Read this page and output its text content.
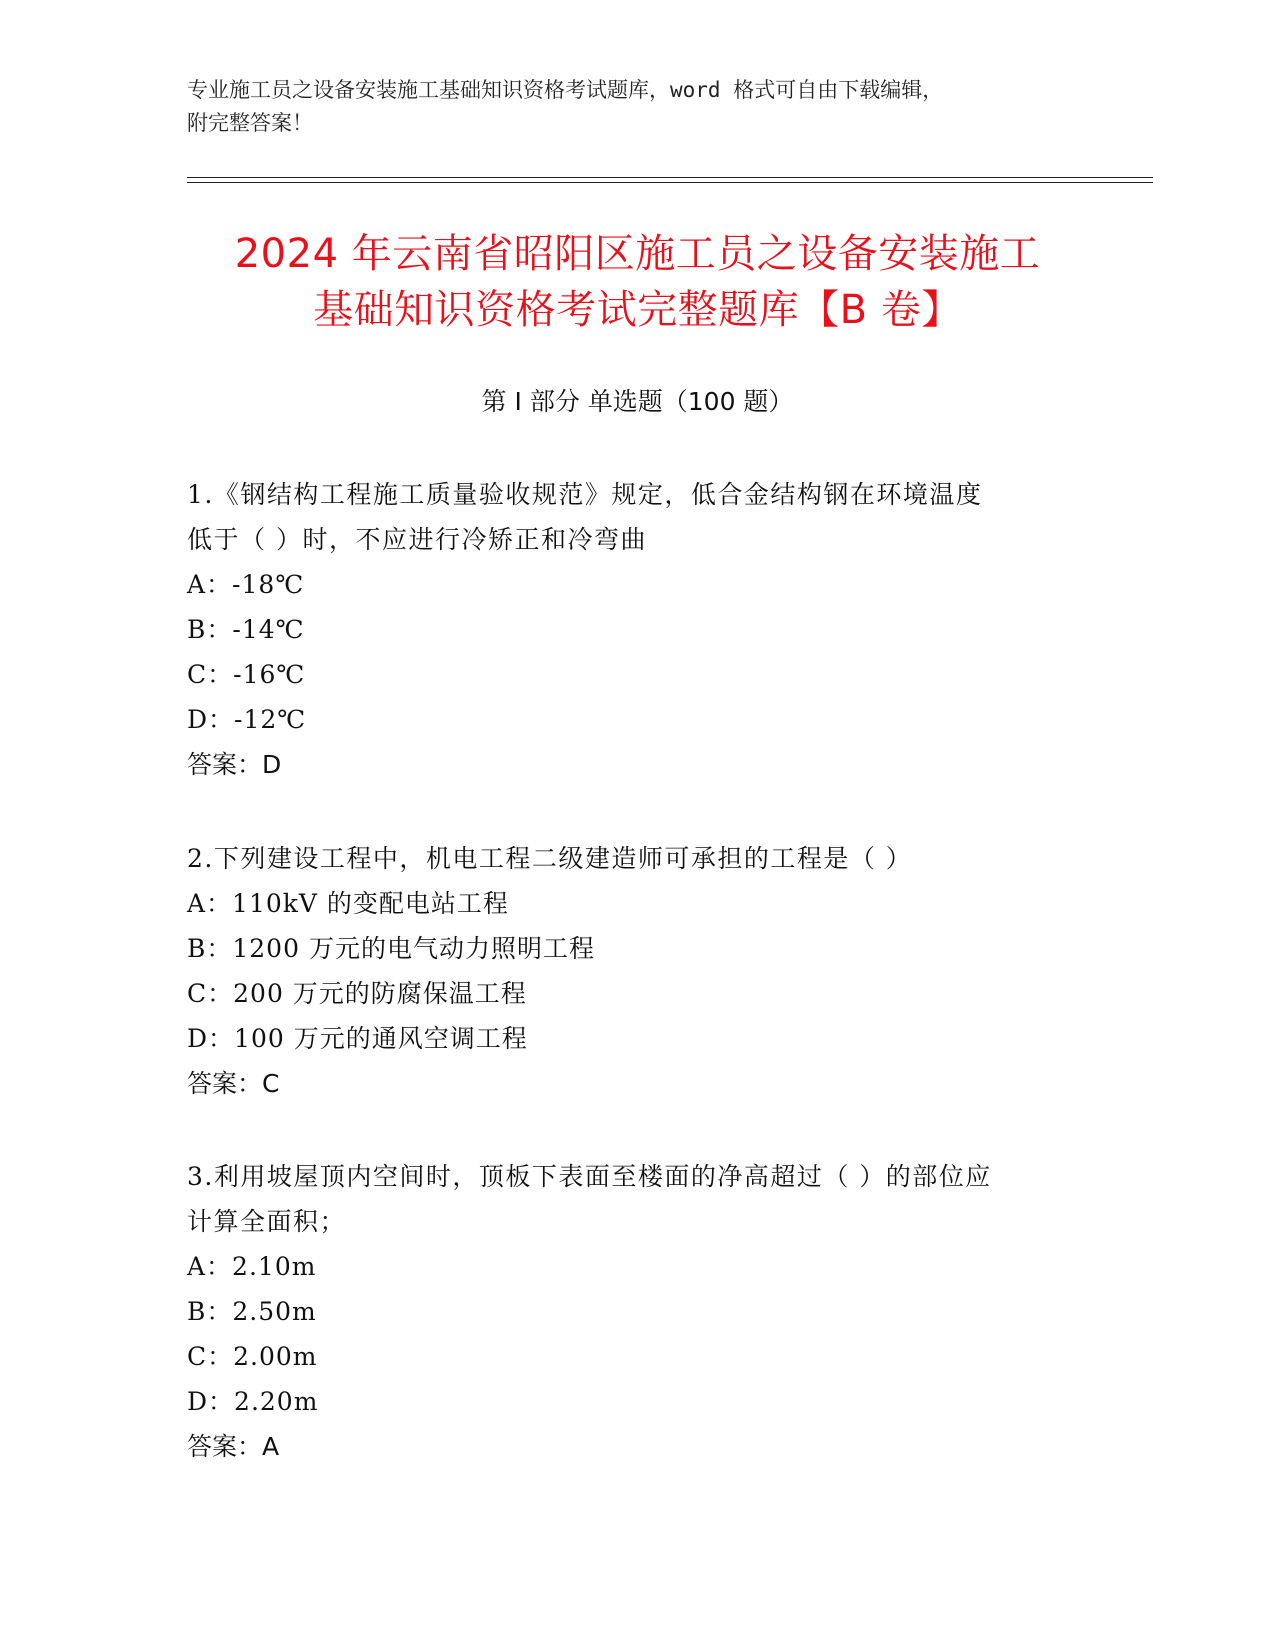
专业施工员之设备安装施工基础知识资格考试题库，word 格式可自由下载编辑，
附完整答案！
2024 年云南省昭阳区施工员之设备安装施工
基础知识资格考试完整题库【B 卷】
第 I 部分 单选题（100 题）

1.《钢结构工程施工质量验收规范》规定，低合金结构钢在环境温度

低于（ ）时，不应进行冷矫正和冷弯曲

A：-18℃

B：-14℃

C：-16℃

D：-12℃

答案：D

2.下列建设工程中，机电工程二级建造师可承担的工程是（ ）

A：110kV 的变配电站工程

B：1200 万元的电气动力照明工程

C：200 万元的防腐保温工程

D：100 万元的通风空调工程

答案：C

3.利用坡屋顶内空间时，顶板下表面至楼面的净高超过（ ）的部位应

计算全面积；

A：2.10m

B：2.50m

C：2.00m

D：2.20m

答案：A
